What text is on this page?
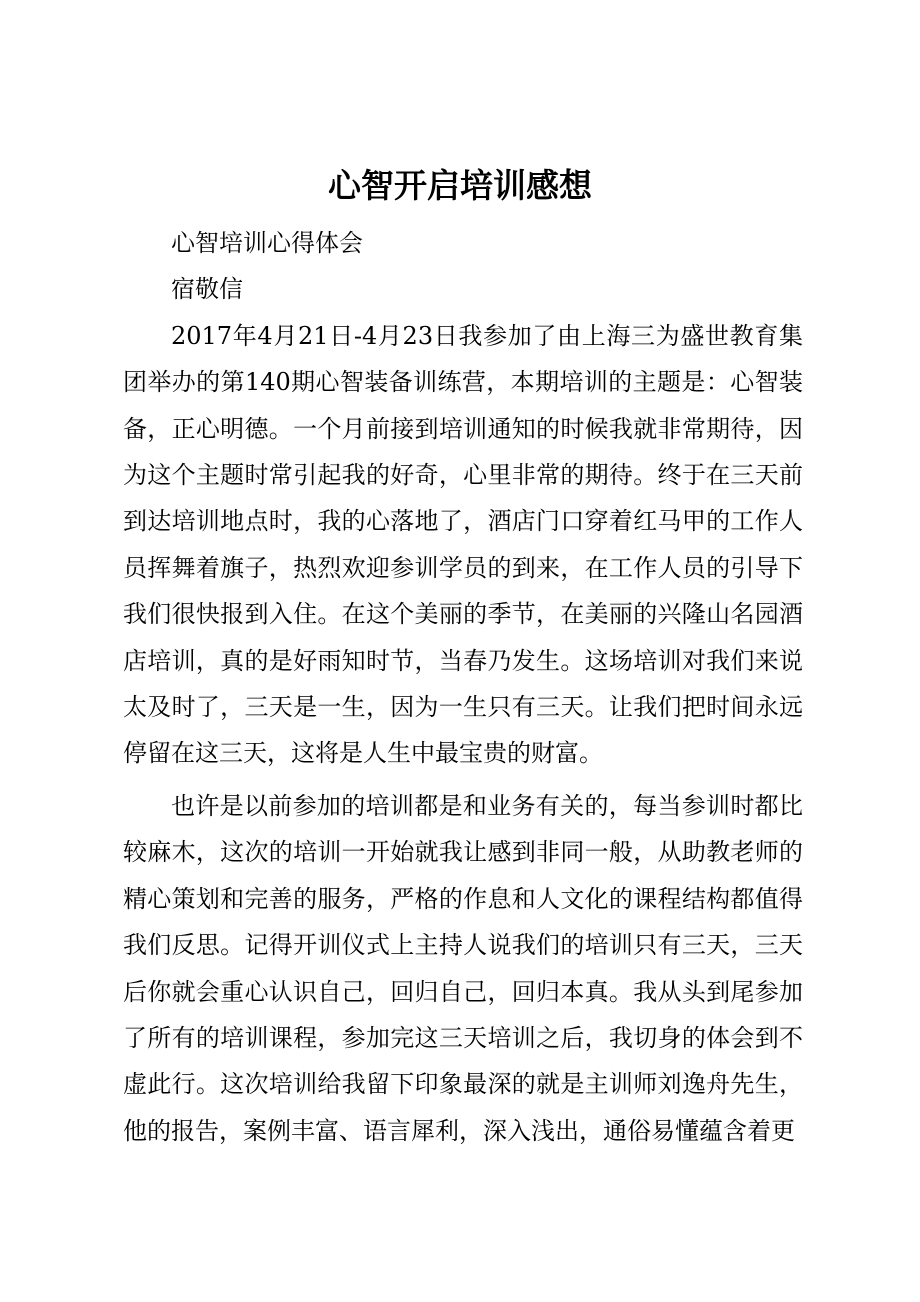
心智开启培训感想

心智培训心得体会

宿敬信

2017年4月21日-4月23日我参加了由上海三为盛世教育集团举办的第140期心智装备训练营，本期培训的主题是：心智装备，正心明德。一个月前接到培训通知的时候我就非常期待，因为这个主题时常引起我的好奇，心里非常的期待。终于在三天前到达培训地点时，我的心落地了，酒店门口穿着红马甲的工作人员挥舞着旗子，热烈欢迎参训学员的到来，在工作人员的引导下我们很快报到入住。在这个美丽的季节，在美丽的兴隆山名园酒店培训，真的是好雨知时节，当春乃发生。这场培训对我们来说太及时了，三天是一生，因为一生只有三天。让我们把时间永远停留在这三天，这将是人生中最宝贵的财富。

也许是以前参加的培训都是和业务有关的，每当参训时都比较麻木，这次的培训一开始就我让感到非同一般，从助教老师的精心策划和完善的服务，严格的作息和人文化的课程结构都值得我们反思。记得开训仪式上主持人说我们的培训只有三天，三天后你就会重心认识自己，回归自己，回归本真。我从头到尾参加了所有的培训课程，参加完这三天培训之后，我切身的体会到不虚此行。这次培训给我留下印象最深的就是主训师刘逸舟先生，他的报告，案例丰富、语言犀利，深入浅出，通俗易懂蕴含着更
